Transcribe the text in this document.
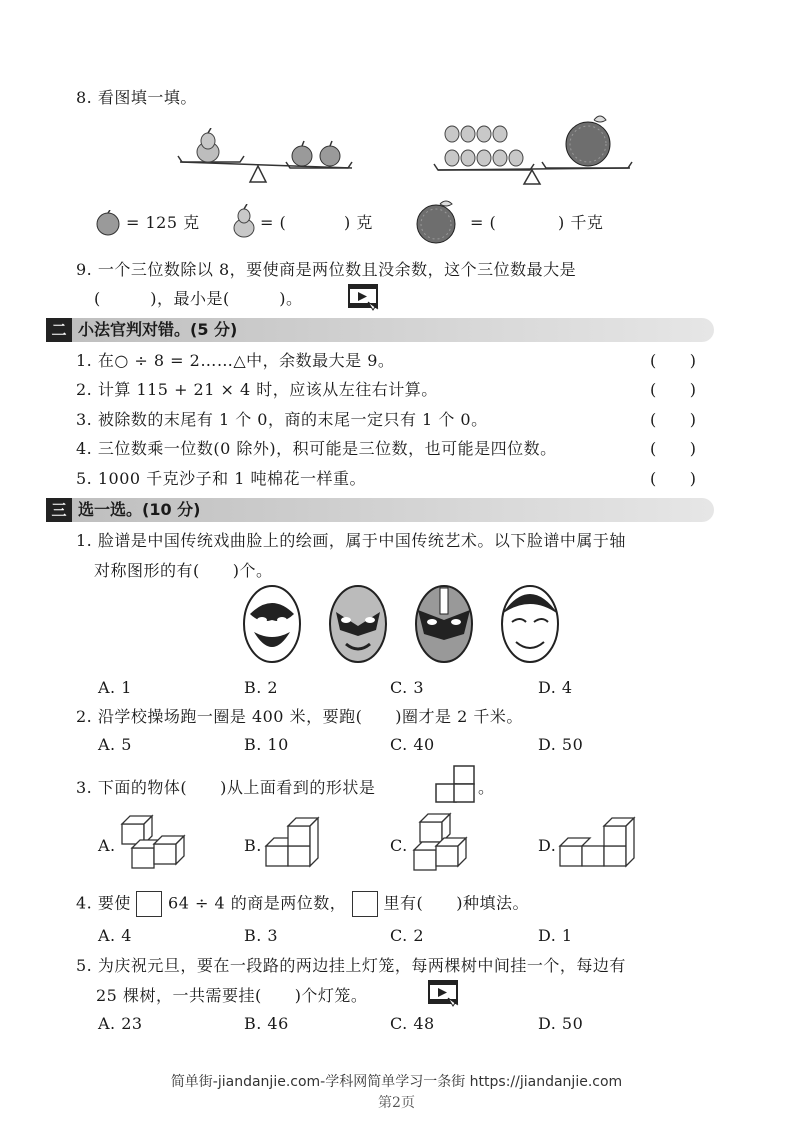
8. 看图填一填。
= 125 克	= (	) 克	= (	) 千克
9. 一个三位数除以 8，要使商是两位数且没余数，这个三位数最大是
(　　　)，最小是(　　　)。
二 小法官判对错。(5 分)
1. 在○ ÷ 8 = 2……△中，余数最大是 9。	(　　)
2. 计算 115 + 21 × 4 时，应该从左往右计算。	(　　)
3. 被除数的末尾有 1 个 0，商的末尾一定只有 1 个 0。	(　　)
4. 三位数乘一位数(0 除外)，积可能是三位数，也可能是四位数。	(　　)
5. 1000 千克沙子和 1 吨棉花一样重。	(　　)
三 选一选。(10 分)
1. 脸谱是中国传统戏曲脸上的绘画，属于中国传统艺术。以下脸谱中属于轴
对称图形的有(　　)个。
A. 1	B. 2	C. 3	D. 4
2. 沿学校操场跑一圈是 400 米，要跑(　　)圈才是 2 千米。
A. 5	B. 10	C. 40	D. 50
3. 下面的物体(　　)从上面看到的形状是	。
A.	B.	C.	D.
4. 要使 64 ÷ 4 的商是两位数， 里有(　　)种填法。
A. 4	B. 3	C. 2	D. 1
5. 为庆祝元旦，要在一段路的两边挂上灯笼，每两棵树中间挂一个，每边有
25 棵树，一共需要挂(　　)个灯笼。
A. 23	B. 46	C. 48	D. 50
简单街-jiandanjie.com-学科网简单学习一条街 https://jiandanjie.com
第2页
